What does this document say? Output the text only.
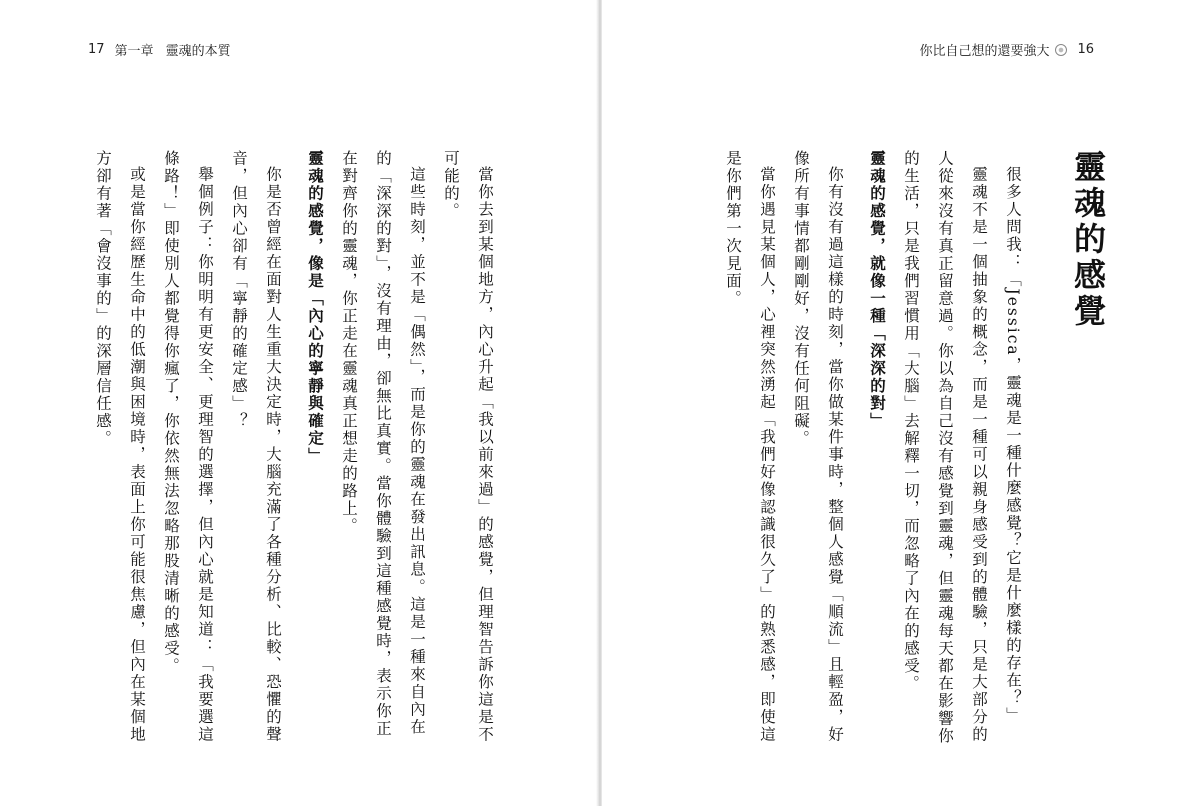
17 第一章 靈魂的本質

當你去到某個地方，內心升起「我以前來過」的感覺，但理智告訴你這是不可能的。

這些時刻，並不是「偶然」，而是你的靈魂在發出訊息。這是一種來自內在的「深深的對」，沒有理由，卻無比真實。當你體驗到這種感覺時，表示你正在對齊你的靈魂，你正走在靈魂真正想走的路上。

靈魂的感覺，像是「內心的寧靜與確定」

你是否曾經在面對人生重大決定時，大腦充滿了各種分析、比較、恐懼的聲音，但內心卻有「寧靜的確定感」？

舉個例子：你明明有更安全、更理智的選擇，但內心就是知道：「我要選這條路！」即使別人都覺得你瘋了，你依然無法忽略那股清晰的感受。

或是當你經歷生命中的低潮與困境時，表面上你可能很焦慮，但內在某個地方卻有著「會沒事的」的深層信任感。

你比自己想的還要強大 16

靈魂的感覺

很多人問我：「Jessica，靈魂是一種什麼感覺？它是什麼樣的存在？」

靈魂不是一個抽象的概念，而是一種可以親身感受到的體驗，只是大部分的人從來沒有真正留意過。你以為自己沒有感覺到靈魂，但靈魂每天都在影響你的生活，只是我們習慣用「大腦」去解釋一切，而忽略了內在的感受。

靈魂的感覺，就像一種「深深的對」

你有沒有過這樣的時刻，當你做某件事時，整個人感覺「順流」且輕盈，好像所有事情都剛剛好，沒有任何阻礙。

當你遇見某個人，心裡突然湧起「我們好像認識很久了」的熟悉感，即使這是你們第一次見面。
